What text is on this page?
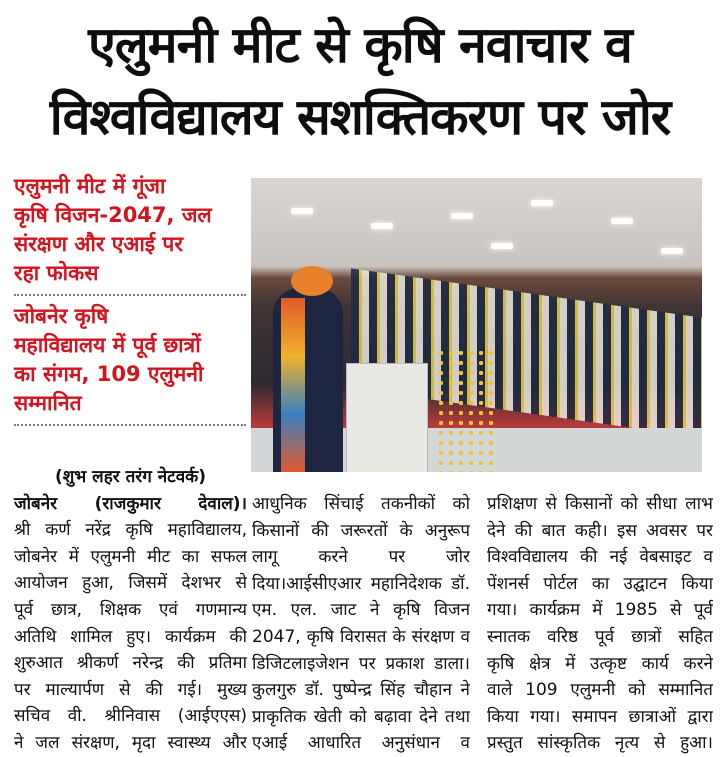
एलुमनी मीट से कृषि नवाचार व
विश्वविद्यालय सशक्तिकरण पर जोर
एलुमनी मीट में गूंजा
कृषि विजन-2047, जल
संरक्षण और एआई पर
रहा फोकस
जोबनेर कृषि
महाविद्यालय में पूर्व छात्रों
का संगम, 109 एलुमनी
सम्मानित
(शुभ लहर तरंग नेटवर्क)
जोबनेर (राजकुमार देवाल)।
श्री कर्ण नरेंद्र कृषि महाविद्यालय,
जोबनेर में एलुमनी मीट का सफल
आयोजन हुआ, जिसमें देशभर से
पूर्व छात्र, शिक्षक एवं गणमान्य
अतिथि शामिल हुए। कार्यक्रम की
शुरुआत श्रीकर्ण नरेन्द्र की प्रतिमा
पर माल्यार्पण से की गई। मुख्य
सचिव वी. श्रीनिवास (आईएएस)
ने जल संरक्षण, मृदा स्वास्थ्य और
आधुनिक सिंचाई तकनीकों को
किसानों की जरूरतों के अनुरूप
लागू करने पर जोर
दिया।आईसीएआर महानिदेशक डॉ.
एम. एल. जाट ने कृषि विजन
2047, कृषि विरासत के संरक्षण व
डिजिटलाइजेशन पर प्रकाश डाला।
कुलगुरु डॉ. पुष्पेन्द्र सिंह चौहान ने
प्राकृतिक खेती को बढ़ावा देने तथा
एआई आधारित अनुसंधान व
प्रशिक्षण से किसानों को सीधा लाभ
देने की बात कही। इस अवसर पर
विश्वविद्यालय की नई वेबसाइट व
पेंशनर्स पोर्टल का उद्घाटन किया
गया। कार्यक्रम में 1985 से पूर्व
स्नातक वरिष्ठ पूर्व छात्रों सहित
कृषि क्षेत्र में उत्कृष्ट कार्य करने
वाले 109 एलुमनी को सम्मानित
किया गया। समापन छात्राओं द्वारा
प्रस्तुत सांस्कृतिक नृत्य से हुआ।
